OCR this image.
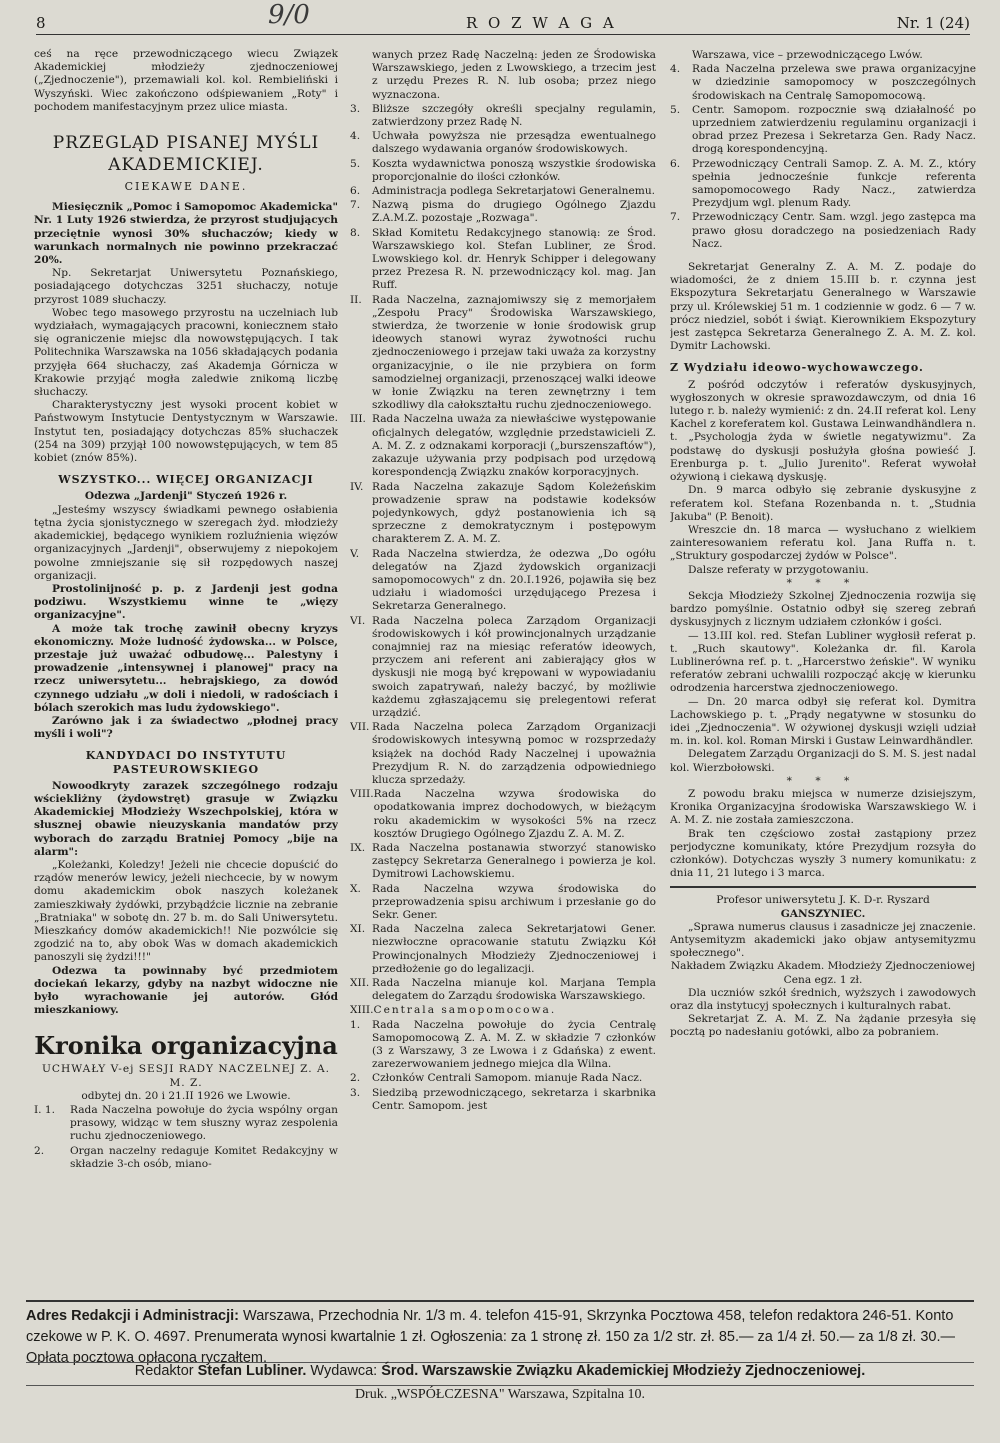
9/0
8	R O Z W A G A	Nr. 1 (24)

ceś na ręce przewodniczącego wiecu Związek Akademickiej młodzieży zjednoczeniowej („Zjednoczenie"), przemawiali kol. kol. Rembieliński i Wyszyński. Wiec zakończono odśpiewaniem „Roty" i pochodem manifestacyjnym przez ulice miasta.

PRZEGLĄD PISANEJ MYŚLI AKADEMICKIEJ.
CIEKAWE DANE.

Miesięcznik „Pomoc i Samopomoc Akademicka" Nr. 1 Luty 1926 stwierdza, że przyrost studjujących przeciętnie wynosi 30% słuchaczów; kiedy w warunkach normalnych nie powinno przekraczać 20%.

Np. Sekretarjat Uniwersytetu Poznańskiego, posiadającego dotychczas 3251 słuchaczy, notuje przyrost 1089 słuchaczy.

Wobec tego masowego przyrostu na uczelniach lub wydziałach, wymagających pracowni, koniecznem stało się ograniczenie miejsc dla nowowstępujących. I tak Politechnika Warszawska na 1056 składających podania przyjęła 664 słuchaczy, zaś Akademja Górnicza w Krakowie przyjąć mogła zaledwie znikomą liczbę słuchaczy.

Charakterystyczny jest wysoki procent kobiet w Państwowym Instytucie Dentystycznym w Warszawie. Instytut ten, posiadający dotychczas 85% słuchaczek (254 na 309) przyjął 100 nowowstępujących, w tem 85 kobiet (znów 85%).

WSZYSTKO... WIĘCEJ ORGANIZACJI
Odezwa „Jardenji" Styczeń 1926 r.

„Jesteśmy wszyscy świadkami pewnego osłabienia tętna życia sjonistycznego w szeregach żyd. młodzieży akademickiej, będącego wynikiem rozluźnienia więzów organizacyjnych „Jardenji", obserwujemy z niepokojem powolne zmniejszanie się sił rozpędowych naszej organizacji.

Prostolinijność p. p. z Jardenji jest godna podziwu. Wszystkiemu winne te „więzy organizacyjne".

A może tak trochę zawinił obecny kryzys ekonomiczny. Może ludność żydowska... w Polsce, przestaje już uważać odbudowę... Palestyny i prowadzenie „intensywnej i planowej" pracy na rzecz uniwersytetu... hebrajskiego, za dowód czynnego udziału „w doli i niedoli, w radościach i bólach szerokich mas ludu żydowskiego".

Zarówno jak i za świadectwo „płodnej pracy myśli i woli"?

KANDYDACI DO INSTYTUTU PASTEUROWSKIEGO

Nowoodkryty zarazek szczególnego rodzaju wściekliżny (żydowstręt) grasuje w Związku Akademickiej Młodzieży Wszechpolskiej, która w słusznej obawie nieuzyskania mandatów przy wyborach do zarządu Bratniej Pomocy „bije na alarm":

„Koleżanki, Koledzy! Jeżeli nie chcecie dopuścić do rządów menerów lewicy, jeżeli niechcecie, by w nowym domu akademickim obok naszych koleżanek zamieszkiwały żydówki, przybądźcie licznie na zebranie „Bratniaka" w sobotę dn. 27 b. m. do Sali Uniwersytetu. Mieszkańcy domów akademickich!! Nie pozwólcie się zgodzić na to, aby obok Was w domach akademickich panoszyli się żydzi!!!"

Odezwa ta powinnaby być przedmiotem dociekań lekarzy, gdyby na nazbyt widoczne nie było wyrachowanie jej autorów. Głód mieszkaniowy.

Kronika organizacyjna
UCHWAŁY V-ej SESJI RADY NACZELNEJ Z. A. M. Z.
odbytej dn. 20 i 21.II 1926 we Lwowie.
I. 1.	Rada Naczelna powołuje do życia wspólny organ prasowy, widząc w tem słuszny wyraz zespolenia ruchu zjednoczeniowego.
2.	Organ naczelny redaguje Komitet Redakcyjny w składzie 3-ch osób, miano-
wanych przez Radę Naczelną: jeden ze Środowiska Warszawskiego, jeden z Lwowskiego, a trzecim jest z urzędu Prezes R. N. lub osoba; przez niego wyznaczona.
3.	Bliższe szczegóły określi specjalny regulamin, zatwierdzony przez Radę N.
4.	Uchwała powyższa nie przesądza ewentualnego dalszego wydawania organów środowiskowych.
5.	Koszta wydawnictwa ponoszą wszystkie środowiska proporcjonalnie do ilości członków.
6.	Administracja podlega Sekretarjatowi Generalnemu.
7.	Nazwą pisma do drugiego Ogólnego Zjazdu Z.A.M.Z. pozostaje „Rozwaga".
8.	Skład Komitetu Redakcyjnego stanowią: ze Środ. Warszawskiego kol. Stefan Lubliner, ze Środ. Lwowskiego kol. dr. Henryk Schipper i delegowany przez Prezesa R. N. przewodniczący kol. mag. Jan Ruff.
II. Rada Naczelna, zaznajomiwszy się z memorjałem „Zespołu Pracy" Środowiska Warszawskiego, stwierdza, że tworzenie w łonie środowisk grup ideowych stanowi wyraz żywotności ruchu zjednoczeniowego i przejaw taki uważa za korzystny organizacyjnie, o ile nie przybiera on form samodzielnej organizacji, przenoszącej walki ideowe w łonie Związku na teren zewnętrzny i tem szkodliwy dla całokształtu ruchu zjednoczeniowego.
III. Rada Naczelna uważa za niewłaściwe występowanie oficjalnych delegatów, względnie przedstawicieli Z. A. M. Z. z odznakami korporacji („burszenszaftów"), zakazuje używania przy podpisach pod urzędową korespondencją Związku znaków korporacyjnych.
IV. Rada Naczelna zakazuje Sądom Koleżeńskim prowadzenie spraw na podstawie kodeksów pojedynkowych, gdyż postanowienia ich są sprzeczne z demokratycznym i postępowym charakterem Z. A. M. Z.
V.	Rada Naczelna stwierdza, że odezwa „Do ogółu delegatów na Zjazd żydowskich organizacji samopomocowych" z dn. 20.I.1926, pojawiła się bez udziału i wiadomości urzędującego Prezesa i Sekretarza Generalnego.
VI. Rada Naczelna poleca Zarządom Organizacji środowiskowych i kół prowincjonalnych urządzanie conajmniej raz na miesiąc referatów ideowych, przyczem ani referent ani zabierający głos w dyskusji nie mogą być krępowani w wypowiadaniu swoich zapatrywań, należy baczyć, by możliwie każdemu zgłaszającemu się prelegentowi referat urządzić.
VII. Rada Naczelna poleca Zarządom Organizacji środowiskowych intesywną pomoc w rozsprzedaży książek na dochód Rady Naczelnej i upoważnia Prezydjum R. N. do zarządzenia odpowiedniego klucza sprzedaży.
VIII. Rada Naczelna wzywa środowiska do opodatkowania imprez dochodowych, w bieżącym roku akademickim w wysokości 5% na rzecz kosztów Drugiego Ogólnego Zjazdu Z. A. M. Z.
IX. Rada Naczelna postanawia stworzyć stanowisko zastępcy Sekretarza Generalnego i powierza je kol. Dymitrowi Lachowskiemu.
X.	Rada Naczelna wzywa środowiska do przeprowadzenia spisu archiwum i przesłanie go do Sekr. Gener.
XI. Rada Naczelna zaleca Sekretarjatowi Gener. niezwłoczne opracowanie statutu Związku Kół Prowincjonalnych Młodzieży Zjednoczeniowej i przedłożenie go do legalizacji.
XII. Rada Naczelna mianuje kol. Marjana Templa delegatem do Zarządu środowiska Warszawskiego.
XIII. Centrala samopomocowa.
1.	Rada Naczelna powołuje do życia Centralę Samopomocową Z. A. M. Z. w składzie 7 członków (3 z Warszawy, 3 ze Lwowa i z Gdańska) z ewent. zarezerwowaniem jednego miejca dla Wilna.
2.	Członków Centrali Samopom. mianuje Rada Nacz.
3.	Siedzibą przewodniczącego, sekretarza i skarbnika Centr. Samopom. jest
Warszawa, vice – przewodniczącego Lwów.
4.	Rada Naczelna przelewa swe prawa organizacyjne w dziedzinie samopomocy w poszczególnych środowiskach na Centralę Samopomocową.
5.	Centr. Samopom. rozpocznie swą działalność po uprzedniem zatwierdzeniu regulaminu organizacji i obrad przez Prezesa i Sekretarza Gen. Rady Nacz. drogą korespondencyjną.
6.	Przewodniczący Centrali Samop. Z. A. M. Z., który spełnia jednocześnie funkcje referenta samopomocowego Rady Nacz., zatwierdza Prezydjum wgl. plenum Rady.
7.	Przewodniczący Centr. Sam. wzgl. jego zastępca ma prawo głosu doradczego na posiedzeniach Rady Nacz.

Sekretarjat Generalny Z. A. M. Z. podaje do wiadomości, że z dniem 15.III b. r. czynna jest Ekspozytura Sekretarjatu Generalnego w Warszawie przy ul. Królewskiej 51 m. 1 codziennie w godz. 6 — 7 w. prócz niedziel, sobót i świąt. Kierownikiem Ekspozytury jest zastępca Sekretarza Generalnego Z. A. M. Z. kol. Dymitr Lachowski.

Z Wydziału ideowo-wychowawczego.

Z pośród odczytów i referatów dyskusyjnych, wygłoszonych w okresie sprawozdawczym, od dnia 16 lutego r. b. należy wymienić: z dn. 24.II referat kol. Leny Kachel z koreferatem kol. Gustawa Leinwandhändlera n. t. „Psychologja żyda w świetle negatywizmu". Za podstawę do dyskusji posłużyła głośna powieść J. Erenburga p. t. „Julio Jurenito". Referat wywołał ożywioną i ciekawą dyskusję.

Dn. 9 marca odbyło się zebranie dyskusyjne z referatem kol. Stefana Rozenbanda n. t. „Studnia Jakuba" (P. Benoit).

Wreszcie dn. 18 marca — wysłuchano z wielkiem zainteresowaniem referatu kol. Jana Ruffa n. t. „Struktury gospodarczej żydów w Polsce".

Dalsze referaty w przygotowaniu.

* * *

Sekcja Młodzieży Szkolnej Zjednoczenia rozwija się bardzo pomyślnie. Ostatnio odbył się szereg zebrań dyskusyjnych z licznym udziałem członków i gości.

— 13.III kol. red. Stefan Lubliner wygłosił referat p. t. „Ruch skautowy". Koleżanka dr. fil. Karola Lublinerówna ref. p. t. „Harcerstwo żeńskie". W wyniku referatów zebrani uchwalili rozpocząć akcję w kierunku odrodzenia harcerstwa zjednoczeniowego.

— Dn. 20 marca odbył się referat kol. Dymitra Lachowskiego p. t. „Prądy negatywne w stosunku do idei „Zjednoczenia". W ożywionej dyskusji wzięli udział m. in. kol. kol. Roman Mirski i Gustaw Leinwardhändler.

Delegatem Zarządu Organizacji do S. M. S. jest nadal kol. Wierzbołowski.

* * *

Z powodu braku miejsca w numerze dzisiejszym, Kronika Organizacyjna środowiska Warszawskiego W. i A. M. Z. nie została zamieszczona.

Brak ten częściowo został zastąpiony przez perjodyczne komunikaty, które Prezydjum rozsyła do członków). Dotychczas wyszły 3 numery komunikatu: z dnia 11, 21 lutego i 3 marca.

Profesor uniwersytetu J. K. D-r. Ryszard
GANSZYNIEC.

„Sprawa numerus clausus i zasadnicze jej znaczenie. Antysemityzm akademicki jako objaw antysemityzmu społecznego".

Nakładem Związku Akadem. Młodzieży Zjednoczeniowej
Cena egz. 1 zł.

Dla uczniów szkół średnich, wyższych i zawodowych oraz dla instytucyj społecznych i kulturalnych rabat.

Sekretarjat Z. A. M. Z. Na żądanie przesyła się pocztą po nadesłaniu gotówki, albo za pobraniem.

Adres Redakcji i Administracji: Warszawa, Przechodnia Nr. 1/3 m. 4. telefon 415-91, Skrzynka Pocztowa 458, telefon redaktora 246-51. Konto czekowe w P. K. O. 4697. Prenumerata wynosi kwartalnie 1 zł. Ogłoszenia: za 1 stronę zł. 150 za 1/2 str. zł. 85.— za 1/4 zł. 50.— za 1/8 zł. 30.— Opłata pocztowa opłacona ryczałtem.
Redaktor Stefan Lubliner. Wydawca: Środ. Warszawskie Związku Akademickiej Młodzieży Zjednoczeniowej.
Druk. „WSPÓŁCZESNA" Warszawa, Szpitalna 10.
